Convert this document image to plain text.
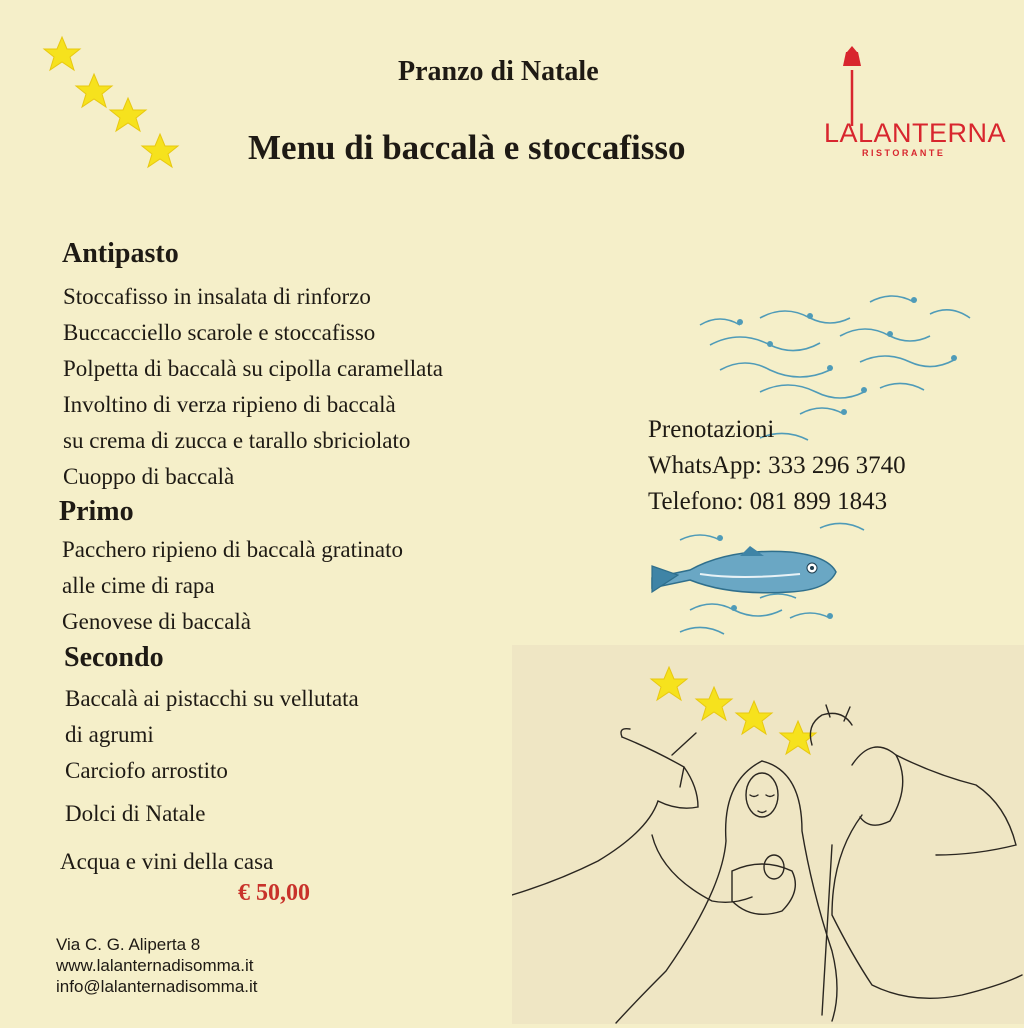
Pranzo di Natale
Menu di baccalà e stoccafisso	LALANTERNA
RISTORANTE
Antipasto
Stoccafisso in insalata di rinforzo
Buccacciello scarole e stoccafisso
Polpetta di baccalà su cipolla caramellata
Involtino di verza ripieno di baccalà
su crema di zucca e tarallo sbriciolato
Cuoppo di baccalà
Primo
Pacchero ripieno di baccalà gratinato
alle cime di rapa
Genovese di baccalà
Secondo
Baccalà ai pistacchi su vellutata
di agrumi
Carciofo arrostito
Dolci di Natale
Acqua e vini della casa
€ 50,00
Prenotazioni
WhatsApp: 333 296 3740
Telefono: 081 899 1843
Via C. G. Aliperta 8
www.lalanternadisomma.it
info@lalanternadisomma.it
